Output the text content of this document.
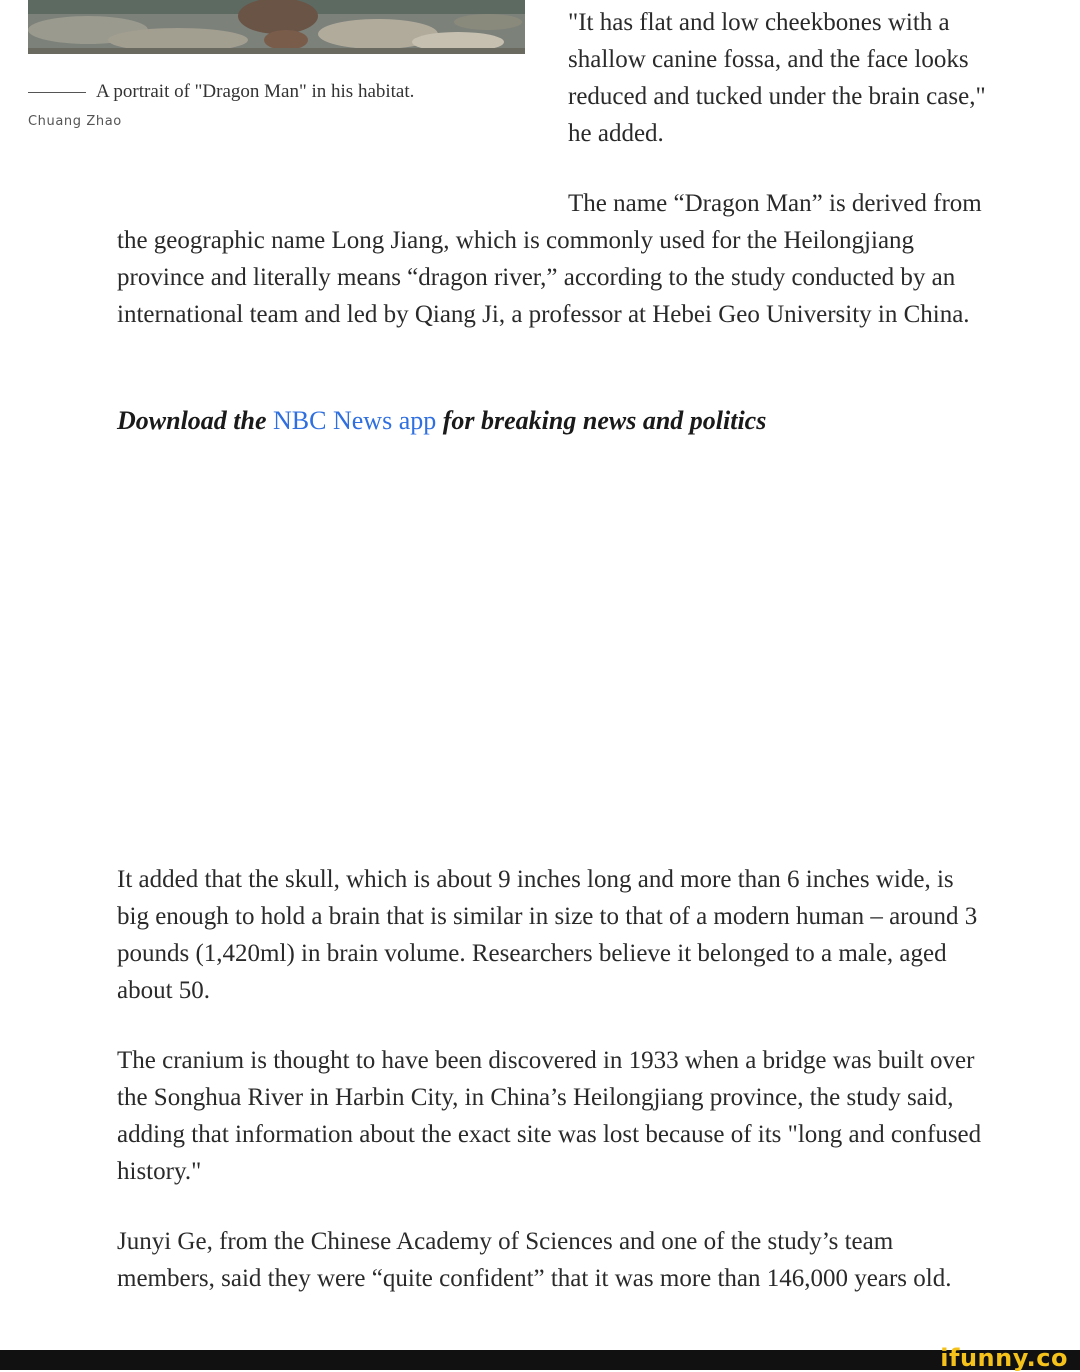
A portrait of "Dragon Man" in his habitat.
Chuang Zhao

"It has flat and low cheekbones with a shallow canine fossa, and the face looks reduced and tucked under the brain case," he added.

The name “Dragon Man” is derived from the geographic name Long Jiang, which is commonly used for the Heilongjiang province and literally means “dragon river,” according to the study conducted by an international team and led by Qiang Ji, a professor at Hebei Geo University in China.

Download the NBC News app for breaking news and politics

It added that the skull, which is about 9 inches long and more than 6 inches wide, is big enough to hold a brain that is similar in size to that of a modern human – around 3 pounds (1,420ml) in brain volume. Researchers believe it belonged to a male, aged about 50.

The cranium is thought to have been discovered in 1933 when a bridge was built over the Songhua River in Harbin City, in China’s Heilongjiang province, the study said, adding that information about the exact site was lost because of its "long and confused history."

Junyi Ge, from the Chinese Academy of Sciences and one of the study’s team members, said they were “quite confident” that it was more than 146,000 years old.

ifunny.co
